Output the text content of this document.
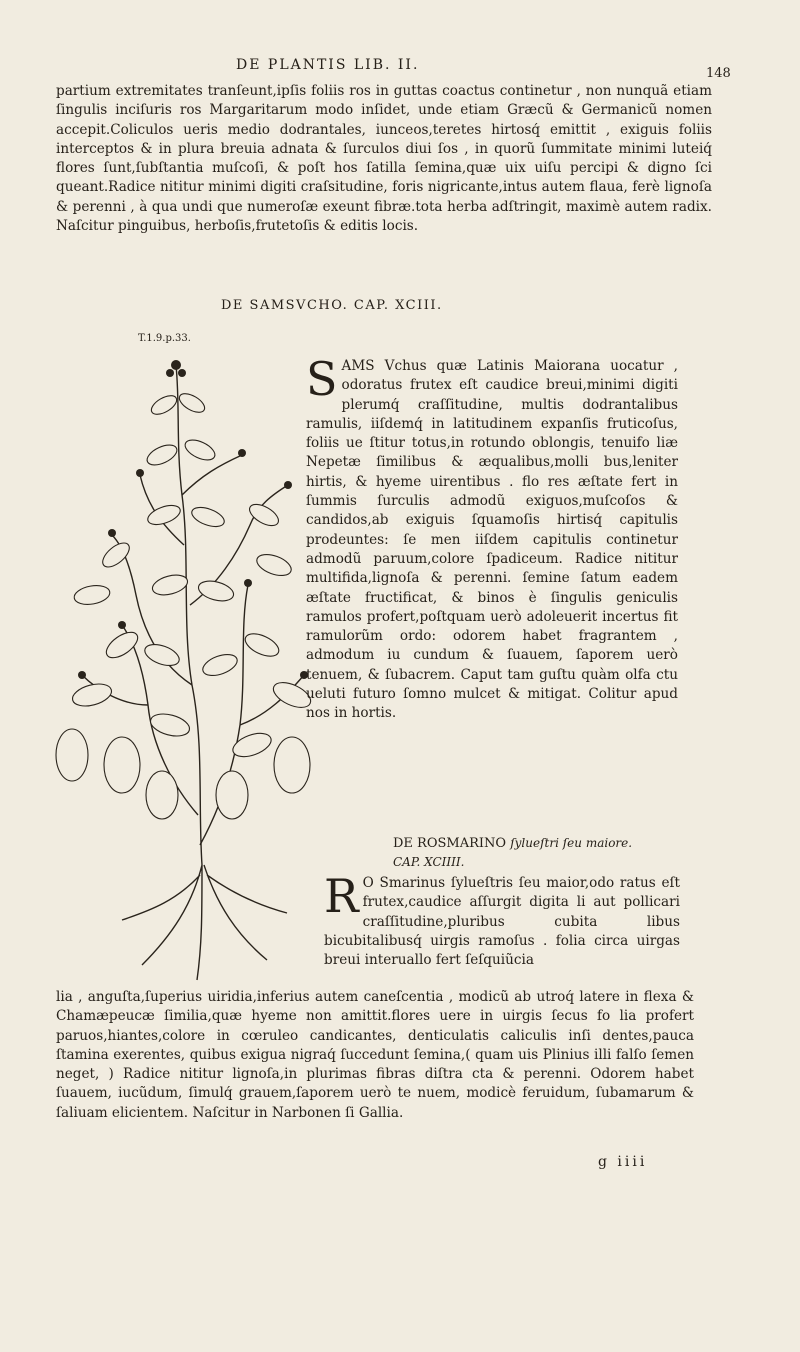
DE PLANTIS LIB. II.
148
partium extremitates tranſeunt,ipſis foliis ros in guttas coactus continetur , non nunquã etiam ſingulis inciſuris ros Margaritarum modo inſidet, unde etiam Græcũ & Germanicũ nomen accepit.Coliculos ueris medio dodrantales, iunceos,teretes hirtosq́ emittit , exiguis foliis interceptos & in plura breuia adnata & ſurculos diui ſos , in quorũ ſummitate minimi luteiq́ flores ſunt,ſubſtantia muſcoſi, & poſt hos ſatilla ſemina,quæ uix uiſu percipi & digno ſci queant.Radice nititur minimi digiti craſsitudine, foris nigricante,intus autem flaua, ferè lignoſa & perenni , à qua undi que numeroſæ exeunt fibræ.tota herba adſtringit, maximè autem radix. Naſcitur pinguibus, herboſis,frutetoſis & editis locis.
DE SAMSVCHO. CAP. XCIII.
T.1.9.p.33.
S AMS Vchus quæ Latinis Maiorana uocatur , odoratus frutex eſt caudice breui,minimi digiti plerumq́ craſſitudine, multis dodrantalibus ramulis, iiſdemq́ in latitudinem expanſis fruticoſus, foliis ue ſtitur totus,in rotundo oblongis, tenuifo liæ Nepetæ ſimilibus & æqualibus,molli bus,leniter hirtis, & hyeme uirentibus . flo res æſtate fert in ſummis ſurculis admodũ exiguos,muſcoſos & candidos,ab exiguis ſquamoſis hirtisq́ capitulis prodeuntes: ſe men iiſdem capitulis continetur admodũ paruum,colore ſpadiceum. Radice nititur multifida,lignoſa & perenni. ſemine ſatum eadem æſtate fructificat, & binos è ſingulis geniculis ramulos profert,poſtquam uerò adoleuerit incertus fit ramulorũm ordo: odorem habet fragrantem , admodum iu cundum & ſuauem, ſaporem uerò tenuem, & ſubacrem. Caput tam guſtu quàm olfa ctu ueluti futuro ſomno mulcet & mitigat. Colitur apud nos in hortis.
DE ROSMARINO ſylueſtri ſeu maiore.
CAP. XCIIII.
R O Smarinus ſylueſtris ſeu maior,odo ratus eſt frutex,caudice aſſurgit digita li aut pollicari craſſitudine,pluribus cubita libus bicubitalibusq́ uirgis ramoſus . folia circa uirgas breui interuallo fert ſeſquiũcia
lia , anguſta,ſuperius uiridia,inferius autem caneſcentia , modicũ ab utroq́ latere in flexa & Chamæpeucæ ſimilia,quæ hyeme non amittit.flores uere in uirgis ſecus fo lia profert paruos,hiantes,colore in cœruleo candicantes, denticulatis caliculis inſi dentes,pauca ſtamina exerentes, quibus exigua nigraq́ ſuccedunt ſemina,( quam uis Plinius illi falſo ſemen neget, ) Radice nititur lignoſa,in plurimas fibras diſtra cta & perenni. Odorem habet ſuauem, iucũdum, ſimulq́ grauem,ſaporem uerò te nuem, modicè feruidum, ſubamarum & ſaliuam elicientem. Naſcitur in Narbonen ſi Gallia.
g iiii
